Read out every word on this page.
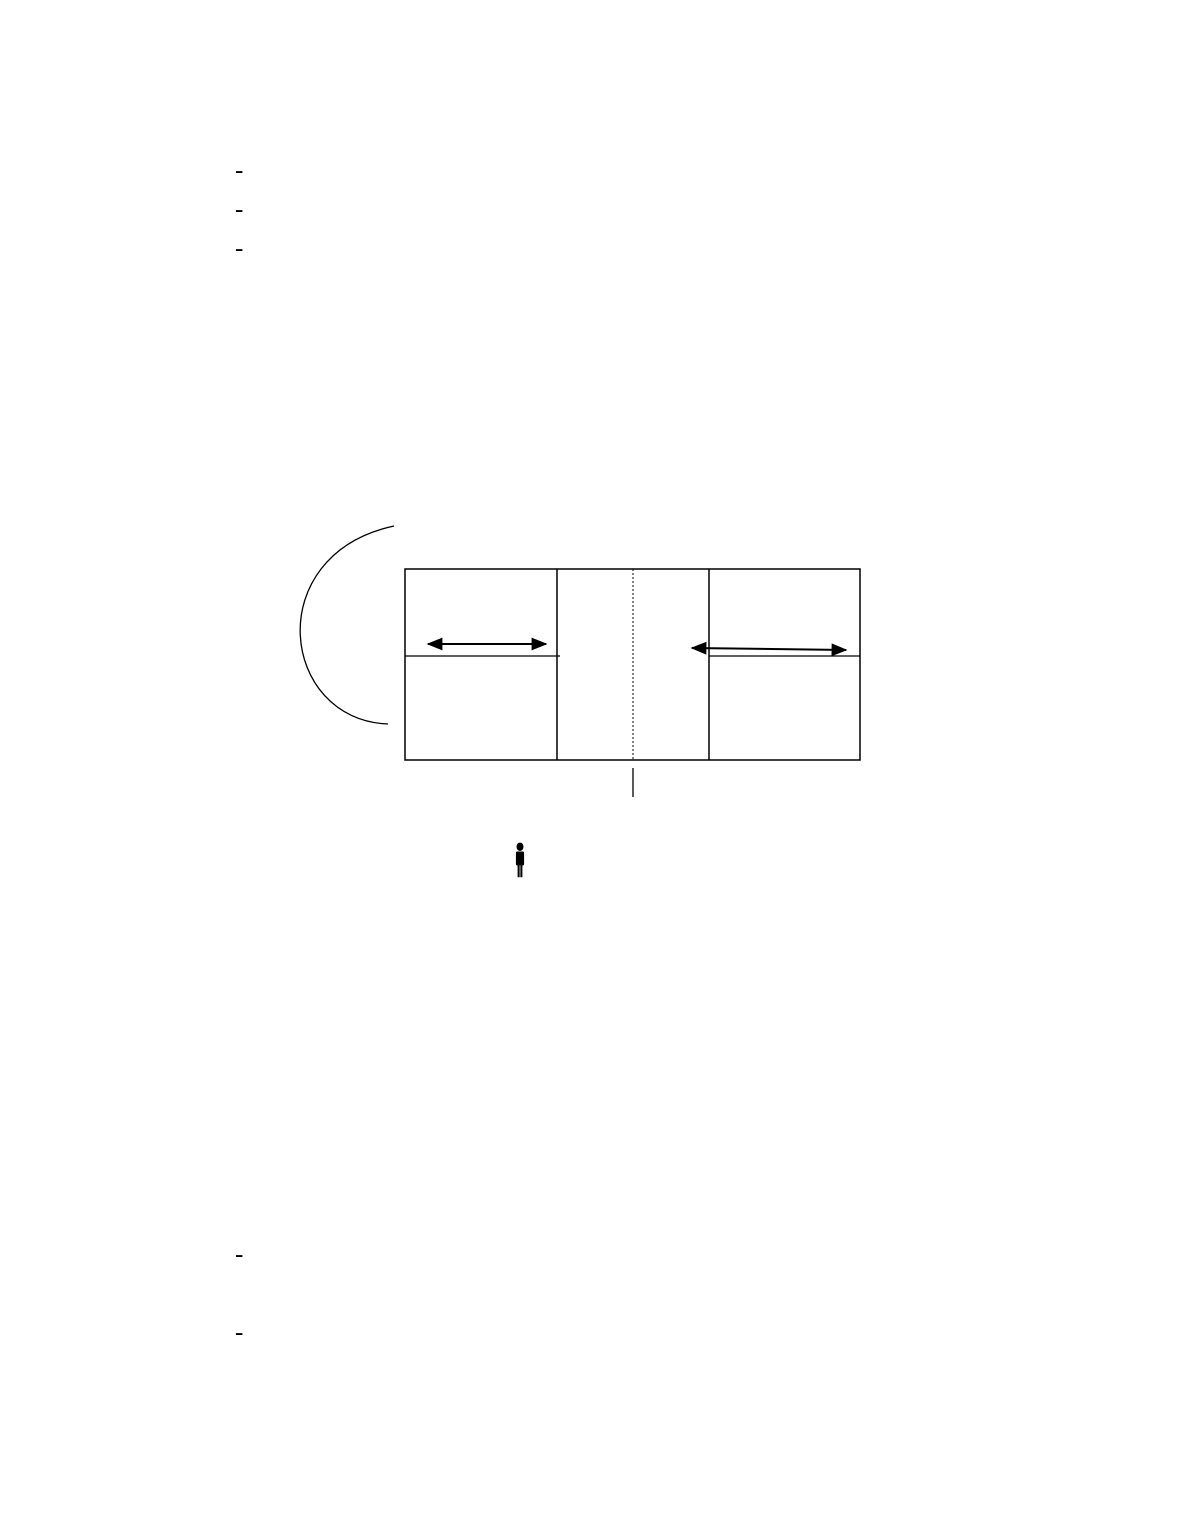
-
-
-
-
-
